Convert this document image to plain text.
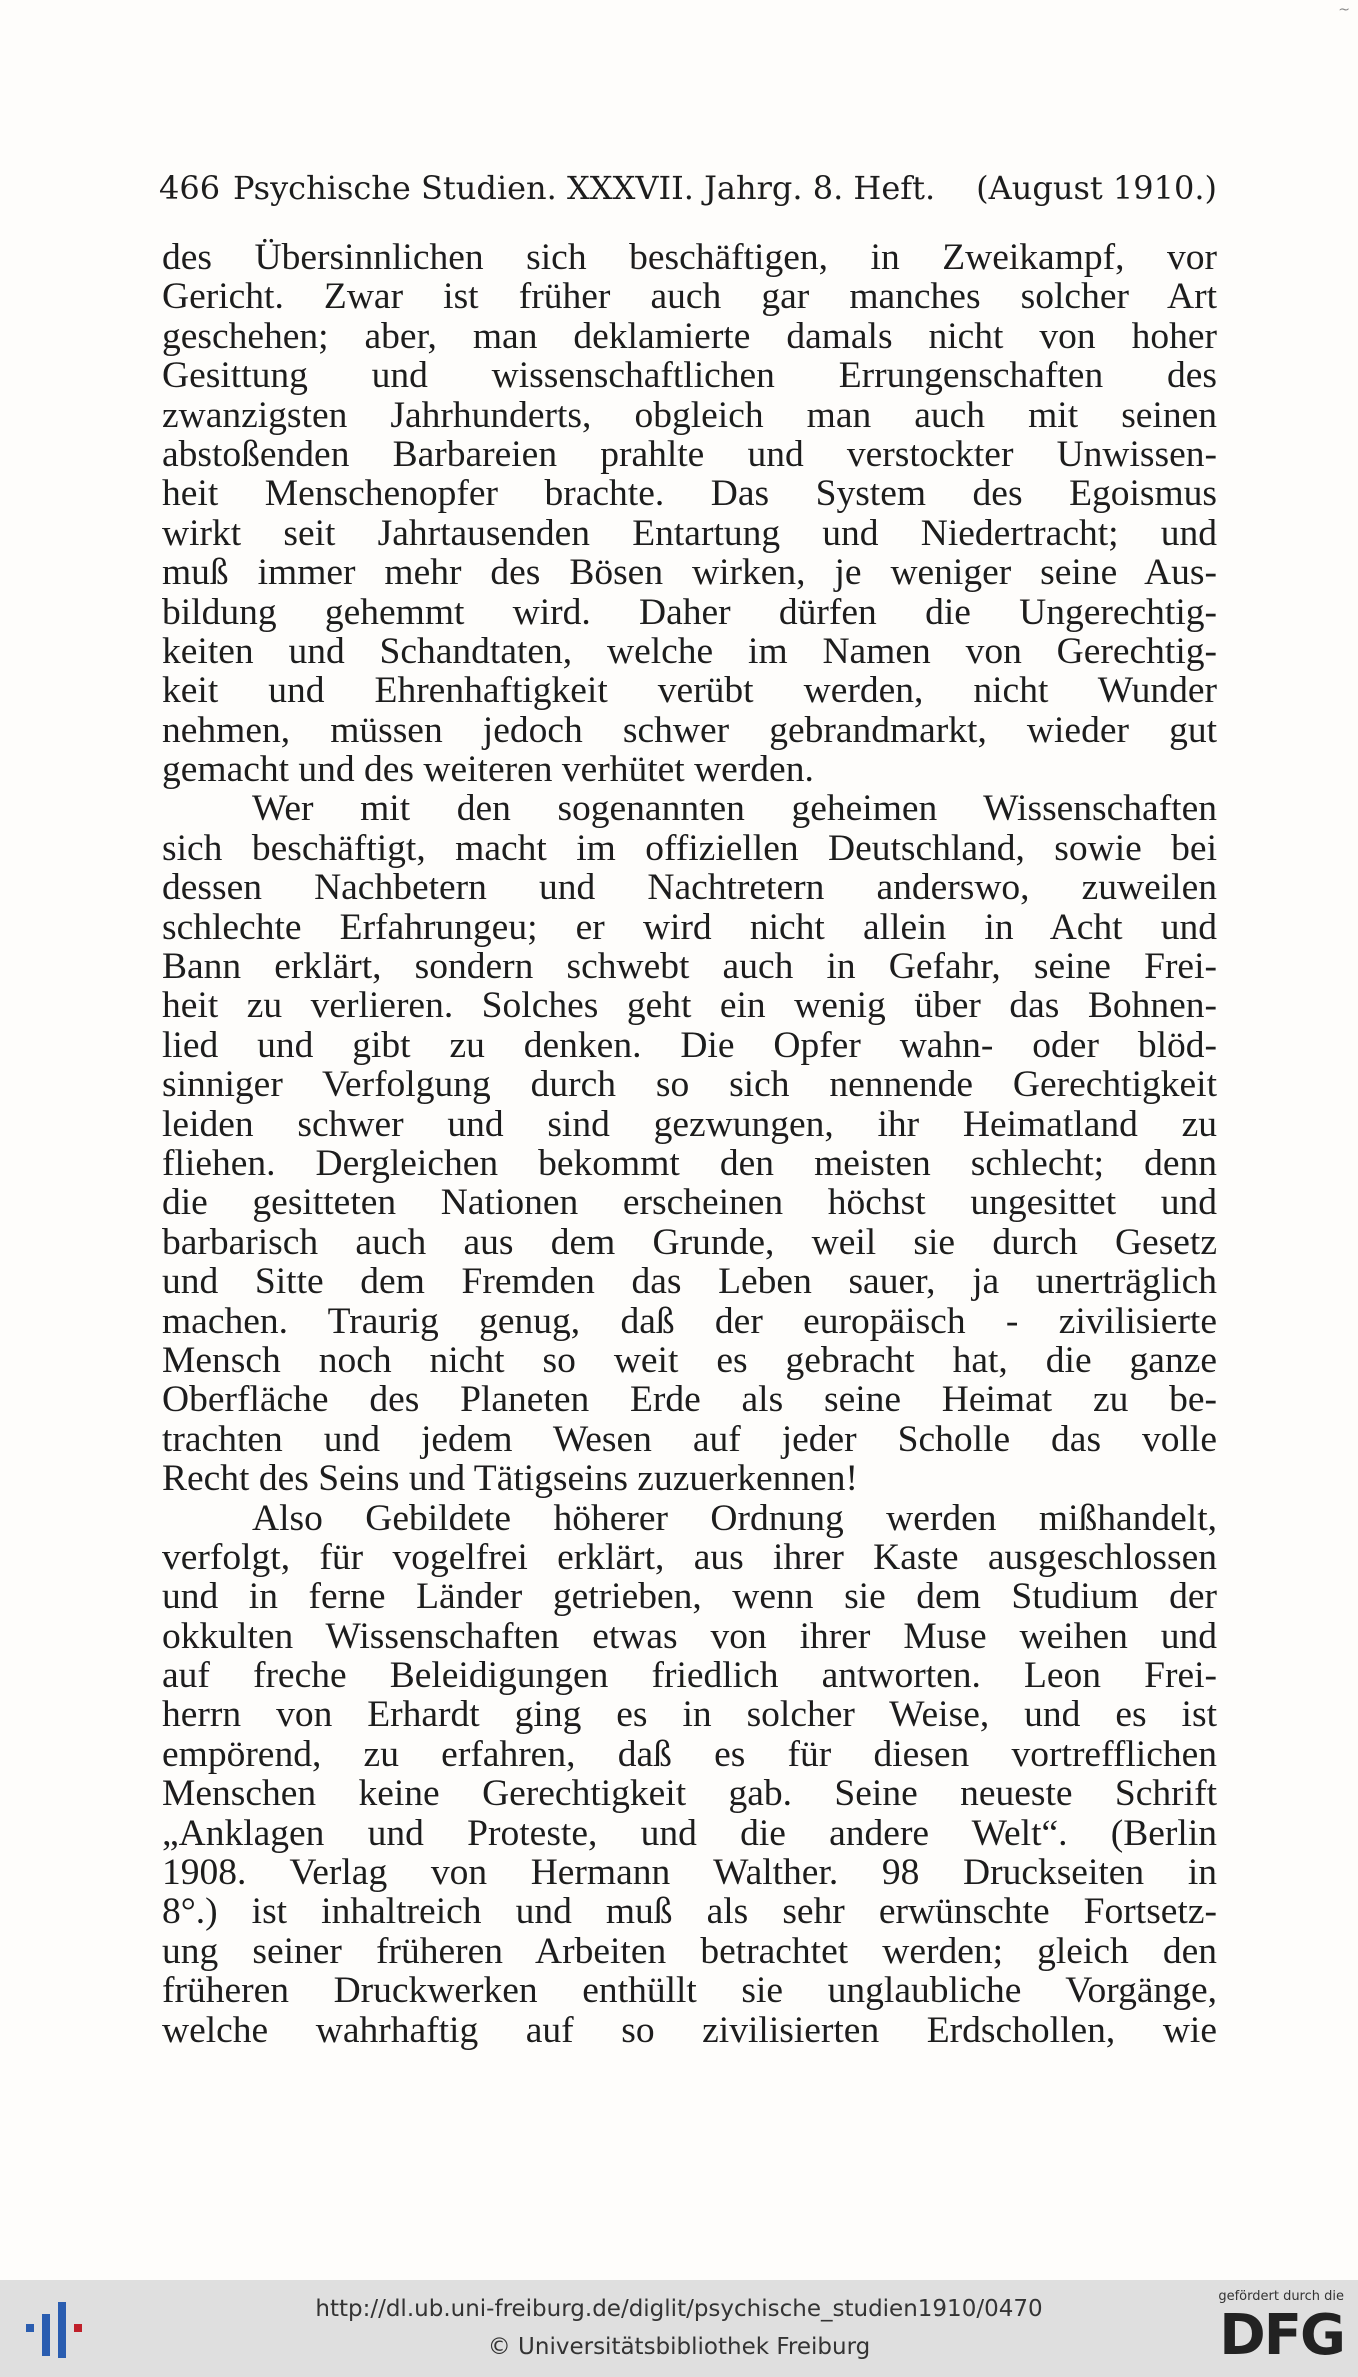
466 Psychische Studien. XXXVII. Jahrg. 8. Heft. (August 1910.)
des Übersinnlichen sich beschäftigen, in Zweikampf, vor
Gericht. Zwar ist früher auch gar manches solcher Art
geschehen; aber, man deklamierte damals nicht von hoher
Gesittung und wissenschaftlichen Errungenschaften des
zwanzigsten Jahrhunderts, obgleich man auch mit seinen
abstoßenden Barbareien prahlte und verstockter Unwissen-
heit Menschenopfer brachte. Das System des Egoismus
wirkt seit Jahrtausenden Entartung und Niedertracht; und
muß immer mehr des Bösen wirken, je weniger seine Aus-
bildung gehemmt wird. Daher dürfen die Ungerechtig-
keiten und Schandtaten, welche im Namen von Gerechtig-
keit und Ehrenhaftigkeit verübt werden, nicht Wunder
nehmen, müssen jedoch schwer gebrandmarkt, wieder gut
gemacht und des weiteren verhütet werden.
Wer mit den sogenannten geheimen Wissenschaften
sich beschäftigt, macht im offiziellen Deutschland, sowie bei
dessen Nachbetern und Nachtretern anderswo, zuweilen
schlechte Erfahrungeu; er wird nicht allein in Acht und
Bann erklärt, sondern schwebt auch in Gefahr, seine Frei-
heit zu verlieren. Solches geht ein wenig über das Bohnen-
lied und gibt zu denken. Die Opfer wahn- oder blöd-
sinniger Verfolgung durch so sich nennende Gerechtigkeit
leiden schwer und sind gezwungen, ihr Heimatland zu
fliehen. Dergleichen bekommt den meisten schlecht; denn
die gesitteten Nationen erscheinen höchst ungesittet und
barbarisch auch aus dem Grunde, weil sie durch Gesetz
und Sitte dem Fremden das Leben sauer, ja unerträglich
machen. Traurig genug, daß der europäisch - zivilisierte
Mensch noch nicht so weit es gebracht hat, die ganze
Oberfläche des Planeten Erde als seine Heimat zu be-
trachten und jedem Wesen auf jeder Scholle das volle
Recht des Seins und Tätigseins zuzuerkennen!
Also Gebildete höherer Ordnung werden mißhandelt,
verfolgt, für vogelfrei erklärt, aus ihrer Kaste ausgeschlossen
und in ferne Länder getrieben, wenn sie dem Studium der
okkulten Wissenschaften etwas von ihrer Muse weihen und
auf freche Beleidigungen friedlich antworten. Leon Frei-
herrn von Erhardt ging es in solcher Weise, und es ist
empörend, zu erfahren, daß es für diesen vortrefflichen
Menschen keine Gerechtigkeit gab. Seine neueste Schrift
„Anklagen und Proteste, und die andere Welt“. (Berlin
1908. Verlag von Hermann Walther. 98 Druckseiten in
8°.) ist inhaltreich und muß als sehr erwünschte Fortsetz-
ung seiner früheren Arbeiten betrachtet werden; gleich den
früheren Druckwerken enthüllt sie unglaubliche Vorgänge,
welche wahrhaftig auf so zivilisierten Erdschollen, wie
http://dl.ub.uni-freiburg.de/diglit/psychische_studien1910/0470
© Universitätsbibliothek Freiburg
gefördert durch die
DFG
~
